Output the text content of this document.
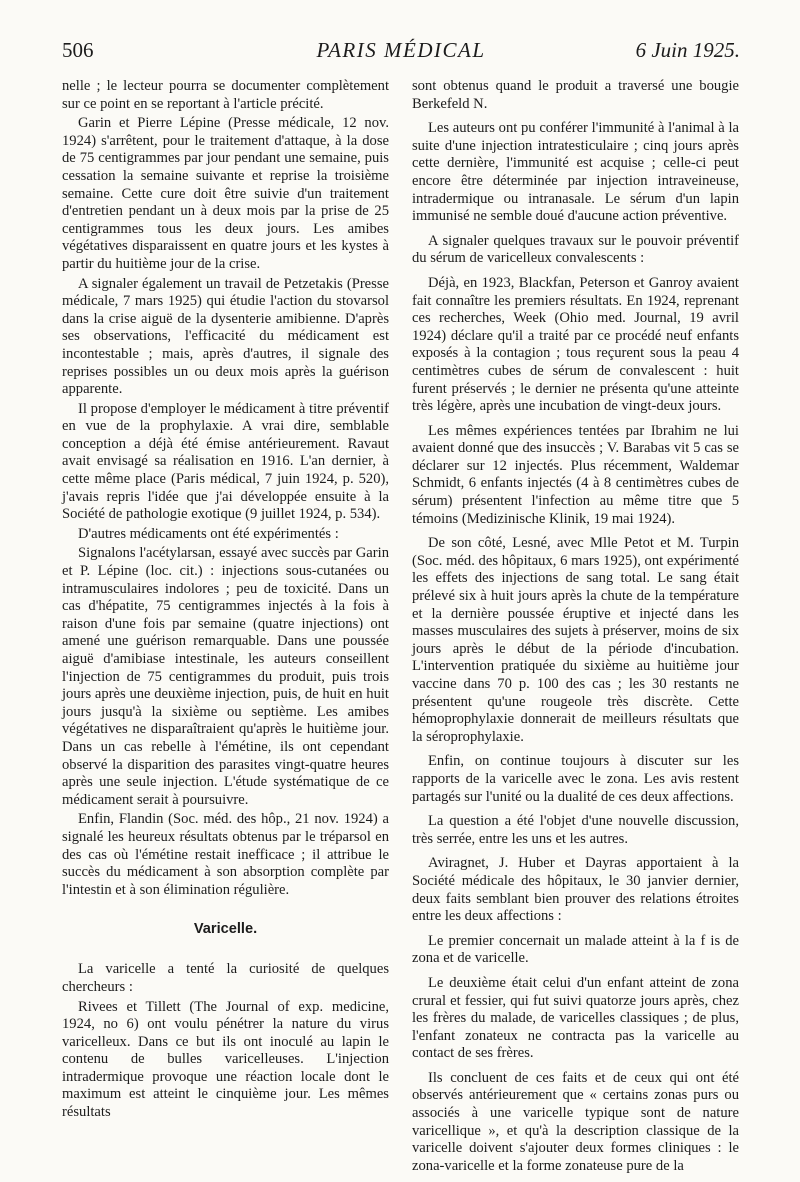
506	PARIS MÉDICAL	6 Juin 1925.

nelle ; le lecteur pourra se documenter complètement sur ce point en se reportant à l'article précité.

Garin et Pierre Lépine (Presse médicale, 12 nov. 1924) s'arrêtent, pour le traitement d'attaque, à la dose de 75 centigrammes par jour pendant une semaine, puis cessation la semaine suivante et reprise la troisième semaine. Cette cure doit être suivie d'un traitement d'entretien pendant un à deux mois par la prise de 25 centigrammes tous les deux jours. Les amibes végétatives disparaissent en quatre jours et les kystes à partir du huitième jour de la crise.

A signaler également un travail de Petzetakis (Presse médicale, 7 mars 1925) qui étudie l'action du stovarsol dans la crise aiguë de la dysenterie amibienne. D'après ses observations, l'efficacité du médicament est incontestable ; mais, après d'autres, il signale des reprises possibles un ou deux mois après la guérison apparente.

Il propose d'employer le médicament à titre préventif en vue de la prophylaxie. A vrai dire, semblable conception a déjà été émise antérieurement. Ravaut avait envisagé sa réalisation en 1916. L'an dernier, à cette même place (Paris médical, 7 juin 1924, p. 520), j'avais repris l'idée que j'ai développée ensuite à la Société de pathologie exotique (9 juillet 1924, p. 534).

D'autres médicaments ont été expérimentés :

Signalons l'acétylarsan, essayé avec succès par Garin et P. Lépine (loc. cit.) : injections sous-cutanées ou intramusculaires indolores ; peu de toxicité. Dans un cas d'hépatite, 75 centigrammes injectés à la fois à raison d'une fois par semaine (quatre injections) ont amené une guérison remarquable. Dans une poussée aiguë d'amibiase intestinale, les auteurs conseillent l'injection de 75 centigrammes du produit, puis trois jours après une deuxième injection, puis, de huit en huit jours jusqu'à la sixième ou septième. Les amibes végétatives ne disparaîtraient qu'après le huitième jour. Dans un cas rebelle à l'émétine, ils ont cependant observé la disparition des parasites vingt-quatre heures après une seule injection. L'étude systématique de ce médicament serait à poursuivre.

Enfin, Flandin (Soc. méd. des hôp., 21 nov. 1924) a signalé les heureux résultats obtenus par le tréparsol en des cas où l'émétine restait inefficace ; il attribue le succès du médicament à son absorption complète par l'intestin et à son élimination régulière.

Varicelle.

La varicelle a tenté la curiosité de quelques chercheurs :

Rivees et Tillett (The Journal of exp. medicine, 1924, no 6) ont voulu pénétrer la nature du virus varicelleux. Dans ce but ils ont inoculé au lapin le contenu de bulles varicelleuses. L'injection intradermique provoque une réaction locale dont le maximum est atteint le cinquième jour. Les mêmes résultats

sont obtenus quand le produit a traversé une bougie Berkefeld N.

Les auteurs ont pu conférer l'immunité à l'animal à la suite d'une injection intratesticulaire ; cinq jours après cette dernière, l'immunité est acquise ; celle-ci peut encore être déterminée par injection intraveineuse, intradermique ou intranasale. Le sérum d'un lapin immunisé ne semble doué d'aucune action préventive.

A signaler quelques travaux sur le pouvoir préventif du sérum de varicelleux convalescents :

Déjà, en 1923, Blackfan, Peterson et Ganroy avaient fait connaître les premiers résultats. En 1924, reprenant ces recherches, Week (Ohio med. Journal, 19 avril 1924) déclare qu'il a traité par ce procédé neuf enfants exposés à la contagion ; tous reçurent sous la peau 4 centimètres cubes de sérum de convalescent : huit furent préservés ; le dernier ne présenta qu'une atteinte très légère, après une incubation de vingt-deux jours.

Les mêmes expériences tentées par Ibrahim ne lui avaient donné que des insuccès ; V. Barabas vit 5 cas se déclarer sur 12 injectés. Plus récemment, Waldemar Schmidt, 6 enfants injectés (4 à 8 centimètres cubes de sérum) présentent l'infection au même titre que 5 témoins (Medizinische Klinik, 19 mai 1924).

De son côté, Lesné, avec Mlle Petot et M. Turpin (Soc. méd. des hôpitaux, 6 mars 1925), ont expérimenté les effets des injections de sang total. Le sang était prélevé six à huit jours après la chute de la température et la dernière poussée éruptive et injecté dans les masses musculaires des sujets à préserver, moins de six jours après le début de la période d'incubation. L'intervention pratiquée du sixième au huitième jour vaccine dans 70 p. 100 des cas ; les 30 restants ne présentent qu'une rougeole très discrète. Cette hémoprophylaxie donnerait de meilleurs résultats que la séroprophylaxie.

Enfin, on continue toujours à discuter sur les rapports de la varicelle avec le zona. Les avis restent partagés sur l'unité ou la dualité de ces deux affections.

La question a été l'objet d'une nouvelle discussion, très serrée, entre les uns et les autres.

Aviragnet, J. Huber et Dayras apportaient à la Société médicale des hôpitaux, le 30 janvier dernier, deux faits semblant bien prouver des relations étroites entre les deux affections :

Le premier concernait un malade atteint à la f is de zona et de varicelle.

Le deuxième était celui d'un enfant atteint de zona crural et fessier, qui fut suivi quatorze jours après, chez les frères du malade, de varicelles classiques ; de plus, l'enfant zonateux ne contracta pas la varicelle au contact de ses frères.

Ils concluent de ces faits et de ceux qui ont été observés antérieurement que « certains zonas purs ou associés à une varicelle typique sont de nature varicellique », et qu'à la description classique de la varicelle doivent s'ajouter deux formes cliniques : le zona-varicelle et la forme zonateuse pure de la
